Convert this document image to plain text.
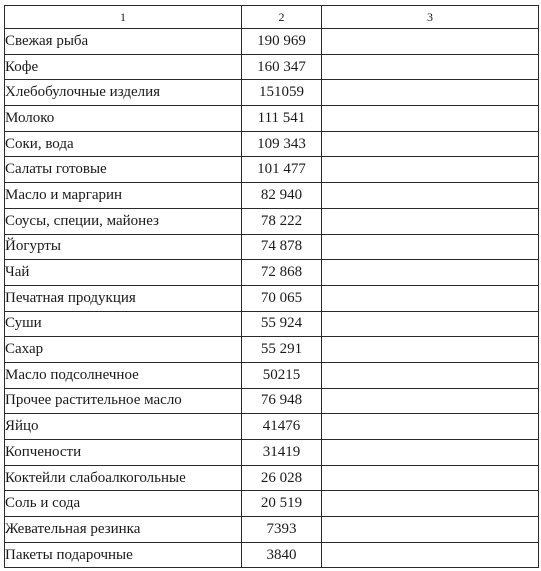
1	2	3
Свежая рыба	190 969	
Кофе	160 347	
Хлебобулочные изделия	151059	
Молоко	111 541	
Соки, вода	109 343	
Салаты готовые	101 477	
Масло и маргарин	82 940	
Соусы, специи, майонез	78 222	
Йогурты	74 878	
Чай	72 868	
Печатная продукция	70 065	
Суши	55 924	
Сахар	55 291	
Масло подсолнечное	50215	
Прочее растительное масло	76 948	
Яйцо	41476	
Копчености	31419	
Коктейли слабоалкогольные	26 028	
Соль и сода	20 519	
Жевательная резинка	7393	
Пакеты подарочные	3840	
